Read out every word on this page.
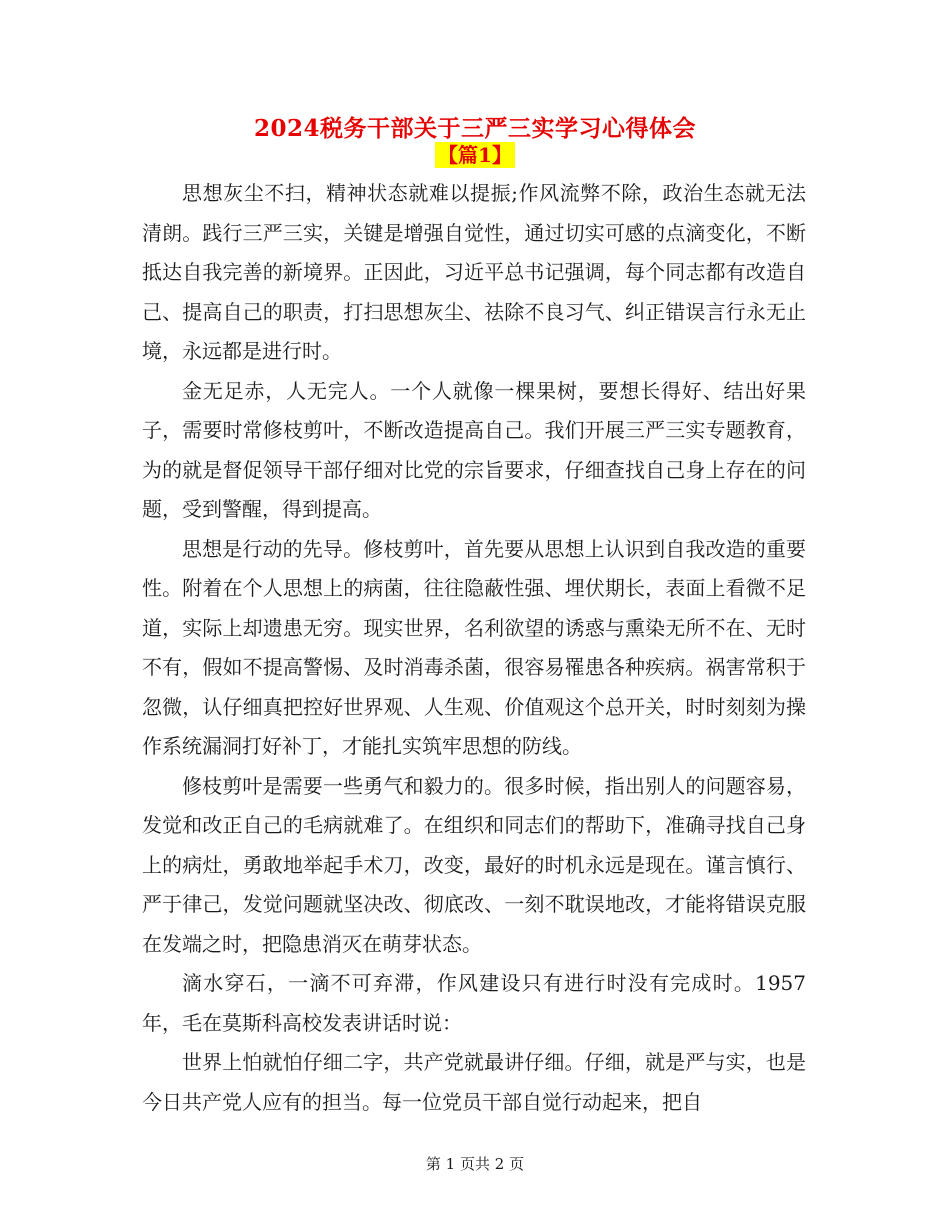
2024税务干部关于三严三实学习心得体会
【篇1】

思想灰尘不扫，精神状态就难以提振;作风流弊不除，政治生态就无法清朗。践行三严三实，关键是增强自觉性，通过切实可感的点滴变化，不断抵达自我完善的新境界。正因此，习近平总书记强调，每个同志都有改造自己、提高自己的职责，打扫思想灰尘、祛除不良习气、纠正错误言行永无止境，永远都是进行时。

金无足赤，人无完人。一个人就像一棵果树，要想长得好、结出好果子，需要时常修枝剪叶，不断改造提高自己。我们开展三严三实专题教育，为的就是督促领导干部仔细对比党的宗旨要求，仔细查找自己身上存在的问题，受到警醒，得到提高。

思想是行动的先导。修枝剪叶，首先要从思想上认识到自我改造的重要性。附着在个人思想上的病菌，往往隐蔽性强、埋伏期长，表面上看微不足道，实际上却遗患无穷。现实世界，名利欲望的诱惑与熏染无所不在、无时不有，假如不提高警惕、及时消毒杀菌，很容易罹患各种疾病。祸害常积于忽微，认仔细真把控好世界观、人生观、价值观这个总开关，时时刻刻为操作系统漏洞打好补丁，才能扎实筑牢思想的防线。

修枝剪叶是需要一些勇气和毅力的。很多时候，指出别人的问题容易，发觉和改正自己的毛病就难了。在组织和同志们的帮助下，准确寻找自己身上的病灶，勇敢地举起手术刀，改变，最好的时机永远是现在。谨言慎行、严于律己，发觉问题就坚决改、彻底改、一刻不耽误地改，才能将错误克服在发端之时，把隐患消灭在萌芽状态。

滴水穿石，一滴不可弃滞，作风建设只有进行时没有完成时。1957年，毛在莫斯科高校发表讲话时说：

世界上怕就怕仔细二字，共产党就最讲仔细。仔细，就是严与实，也是今日共产党人应有的担当。每一位党员干部自觉行动起来，把自

第 1 页共 2 页
